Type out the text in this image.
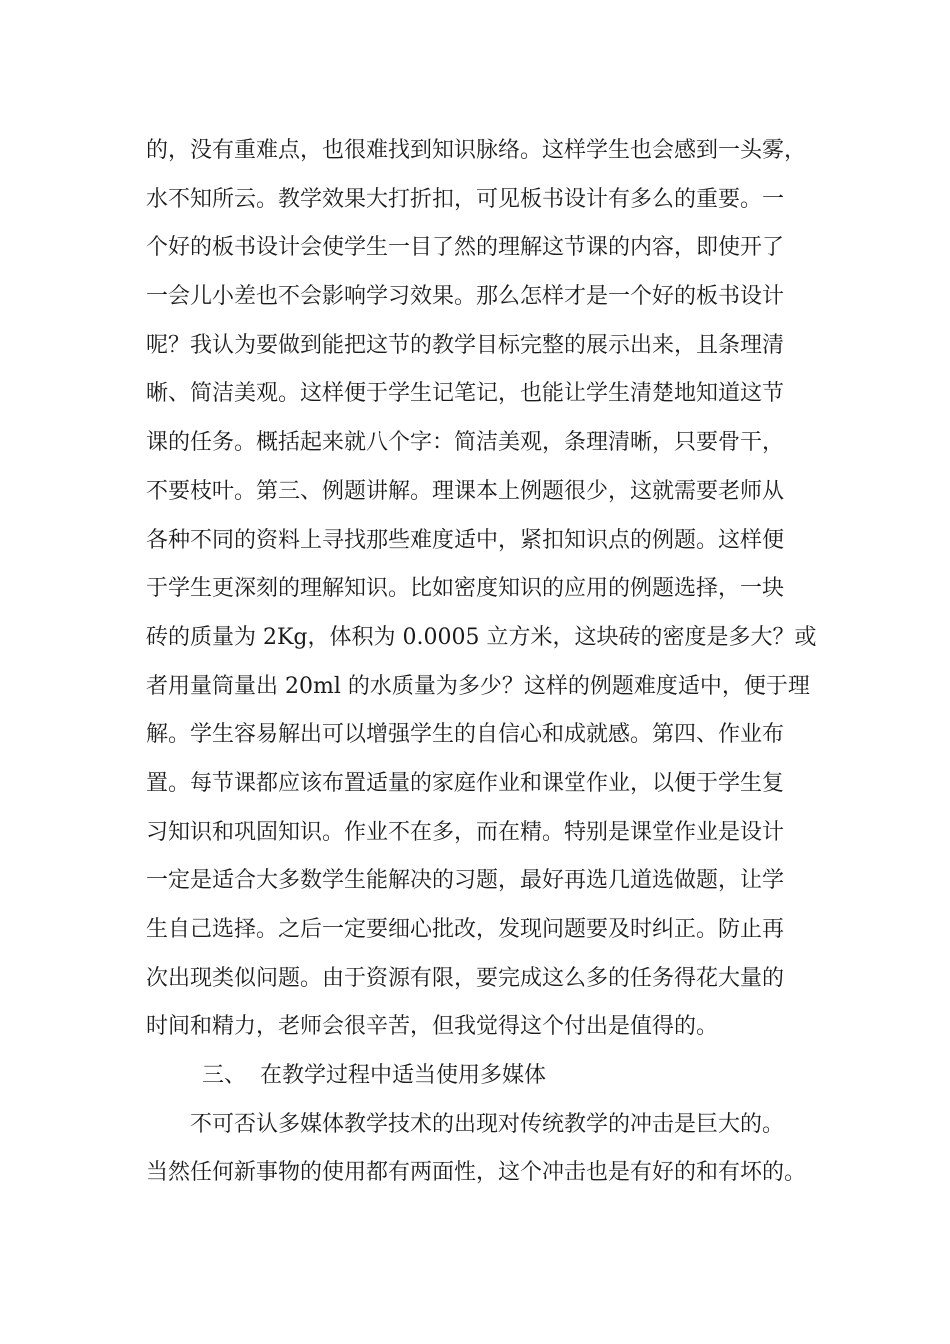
的，没有重难点，也很难找到知识脉络。这样学生也会感到一头雾，
水不知所云。教学效果大打折扣，可见板书设计有多么的重要。一
个好的板书设计会使学生一目了然的理解这节课的内容，即使开了
一会儿小差也不会影响学习效果。那么怎样才是一个好的板书设计
呢？我认为要做到能把这节的教学目标完整的展示出来，且条理清
晰、简洁美观。这样便于学生记笔记，也能让学生清楚地知道这节
课的任务。概括起来就八个字：简洁美观，条理清晰，只要骨干，
不要枝叶。第三、例题讲解。理课本上例题很少，这就需要老师从
各种不同的资料上寻找那些难度适中，紧扣知识点的例题。这样便
于学生更深刻的理解知识。比如密度知识的应用的例题选择，一块
砖的质量为 2Kg，体积为 0.0005 立方米，这块砖的密度是多大？或
者用量筒量出 20ml 的水质量为多少？这样的例题难度适中，便于理
解。学生容易解出可以增强学生的自信心和成就感。第四、作业布
置。每节课都应该布置适量的家庭作业和课堂作业，以便于学生复
习知识和巩固知识。作业不在多，而在精。特别是课堂作业是设计
一定是适合大多数学生能解决的习题，最好再选几道选做题，让学
生自己选择。之后一定要细心批改，发现问题要及时纠正。防止再
次出现类似问题。由于资源有限，要完成这么多的任务得花大量的
时间和精力，老师会很辛苦，但我觉得这个付出是值得的。
三、 在教学过程中适当使用多媒体
不可否认多媒体教学技术的出现对传统教学的冲击是巨大的。
当然任何新事物的使用都有两面性，这个冲击也是有好的和有坏的。
